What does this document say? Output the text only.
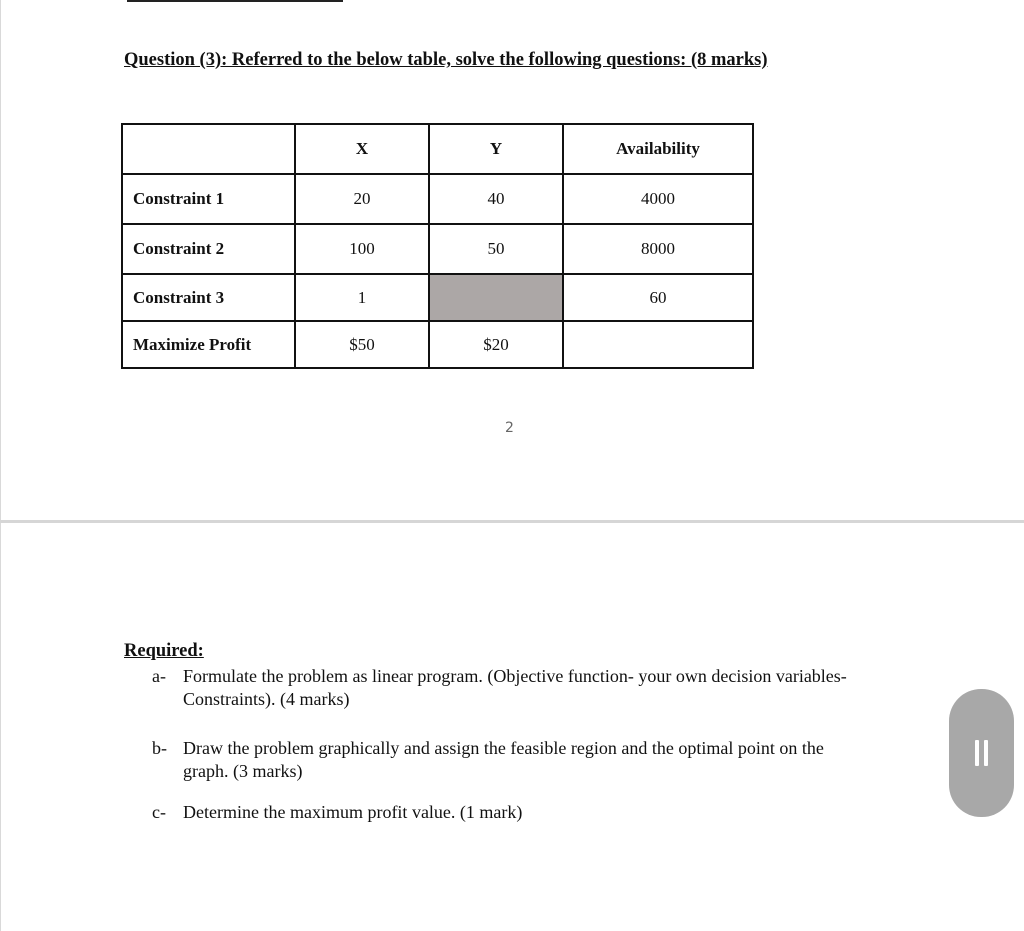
Question (3): Referred to the below table, solve the following questions: (8 marks)
	X	Y	Availability
Constraint 1	20	40	4000
Constraint 2	100	50	8000
Constraint 3	1		60
Maximize Profit	$50	$20	
2
Required:
a- Formulate the problem as linear program. (Objective function- your own decision variables- Constraints). (4 marks)
b- Draw the problem graphically and assign the feasible region and the optimal point on the graph. (3 marks)
c- Determine the maximum profit value. (1 mark)
